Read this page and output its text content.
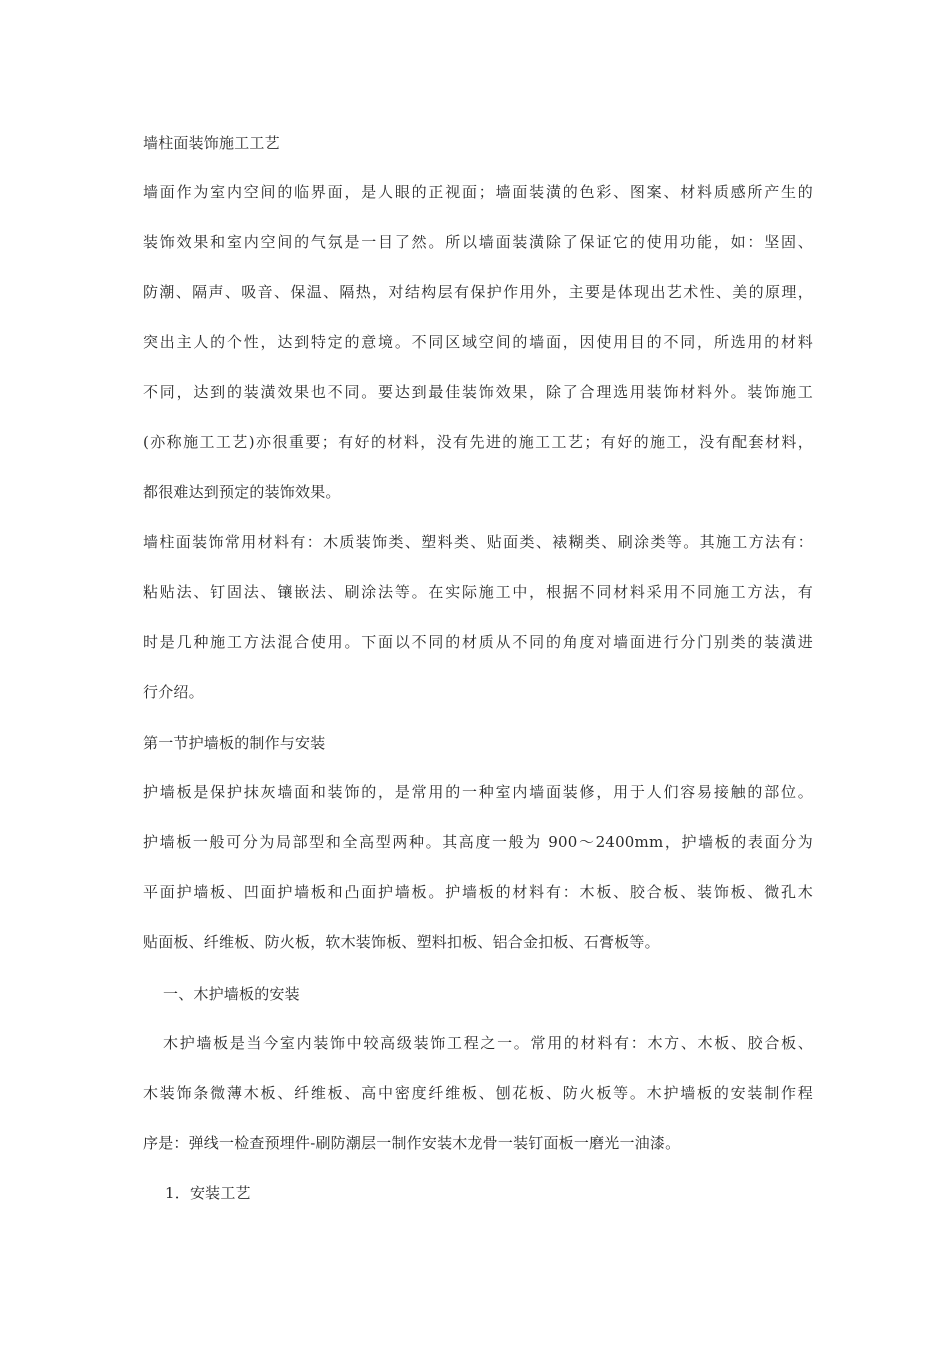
墙柱面装饰施工工艺
墙面作为室内空间的临界面，是人眼的正视面；墙面装潢的色彩、图案、材料质感所产生的
装饰效果和室内空间的气氛是一目了然。所以墙面装潢除了保证它的使用功能，如：坚固、
防潮、隔声、吸音、保温、隔热，对结构层有保护作用外，主要是体现出艺术性、美的原理，
突出主人的个性，达到特定的意境。不同区域空间的墙面，因使用目的不同，所选用的材料
不同，达到的装潢效果也不同。要达到最佳装饰效果，除了合理选用装饰材料外。装饰施工
(亦称施工工艺)亦很重要；有好的材料，没有先进的施工工艺；有好的施工，没有配套材料，
都很难达到预定的装饰效果。
墙柱面装饰常用材料有：木质装饰类、塑料类、贴面类、裱糊类、刷涂类等。其施工方法有：
粘贴法、钉固法、镶嵌法、刷涂法等。在实际施工中，根据不同材料采用不同施工方法，有
时是几种施工方法混合使用。下面以不同的材质从不同的角度对墙面进行分门别类的装潢进
行介绍。
第一节护墙板的制作与安装
护墙板是保护抹灰墙面和装饰的，是常用的一种室内墙面装修，用于人们容易接触的部位。
护墙板一般可分为局部型和全高型两种。其高度一般为 900～2400mm，护墙板的表面分为
平面护墙板、凹面护墙板和凸面护墙板。护墙板的材料有：木板、胶合板、装饰板、微孔木
贴面板、纤维板、防火板，软木装饰板、塑料扣板、铝合金扣板、石膏板等。
一、木护墙板的安装
木护墙板是当今室内装饰中较高级装饰工程之一。常用的材料有：木方、木板、胶合板、
木装饰条微薄木板、纤维板、高中密度纤维板、刨花板、防火板等。木护墙板的安装制作程
序是：弹线一检查预埋件-刷防潮层一制作安装木龙骨一装钉面板一磨光一油漆。
1．安装工艺
